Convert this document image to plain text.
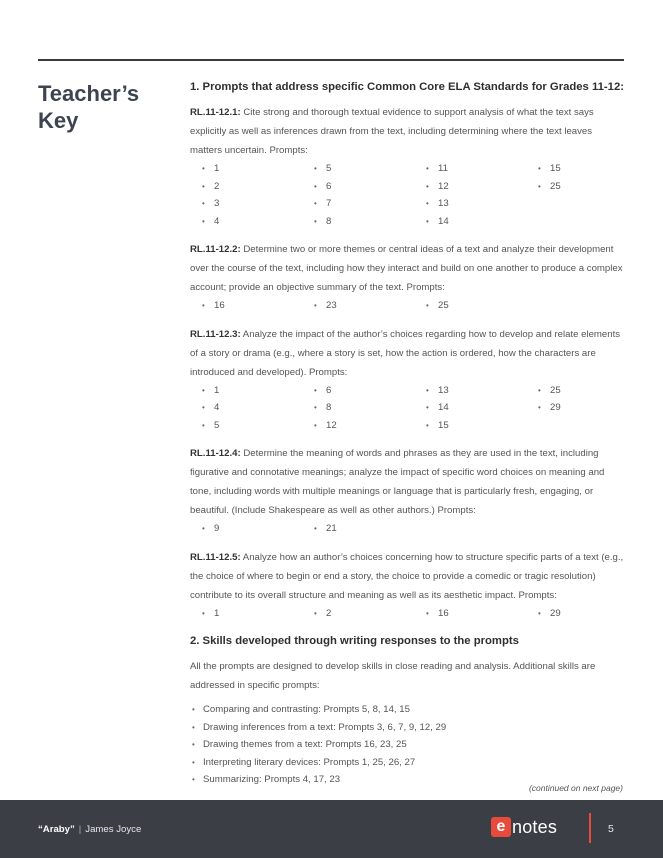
Teacher’s Key
1. Prompts that address specific Common Core ELA Standards for Grades 11-12:

RL.11-12.1: Cite strong and thorough textual evidence to support analysis of what the text says explicitly as well as inferences drawn from the text, including determining where the text leaves matters uncertain. Prompts:

• 1	• 5	• 11	• 15
• 2	• 6	• 12	• 25
• 3	• 7	• 13
• 4	• 8	• 14

RL.11-12.2: Determine two or more themes or central ideas of a text and analyze their development over the course of the text, including how they interact and build on one another to produce a complex account; provide an objective summary of the text. Prompts:

• 16	• 23	• 25

RL.11-12.3: Analyze the impact of the author’s choices regarding how to develop and relate elements of a story or drama (e.g., where a story is set, how the action is ordered, how the characters are introduced and developed). Prompts:

• 1	• 6	• 13	• 25
• 4	• 8	• 14	• 29
• 5	• 12	• 15

RL.11-12.4: Determine the meaning of words and phrases as they are used in the text, including figurative and connotative meanings; analyze the impact of specific word choices on meaning and tone, including words with multiple meanings or language that is particularly fresh, engaging, or beautiful. (Include Shakespeare as well as other authors.) Prompts:

• 9	• 21

RL.11-12.5: Analyze how an author’s choices concerning how to structure specific parts of a text (e.g., the choice of where to begin or end a story, the choice to provide a comedic or tragic resolution) contribute to its overall structure and meaning as well as its aesthetic impact. Prompts:

• 1	• 2	• 16	• 29
2. Skills developed through writing responses to the prompts

All the prompts are designed to develop skills in close reading and analysis. Additional skills are addressed in specific prompts:

• Comparing and contrasting: Prompts 5, 8, 14, 15
• Drawing inferences from a text: Prompts 3, 6, 7, 9, 12, 29
• Drawing themes from a text: Prompts 16, 23, 25
• Interpreting literary devices: Prompts 1, 25, 26, 27
• Summarizing: Prompts 4, 17, 23
(continued on next page)
“Araby” | James Joyce	e notes	5
